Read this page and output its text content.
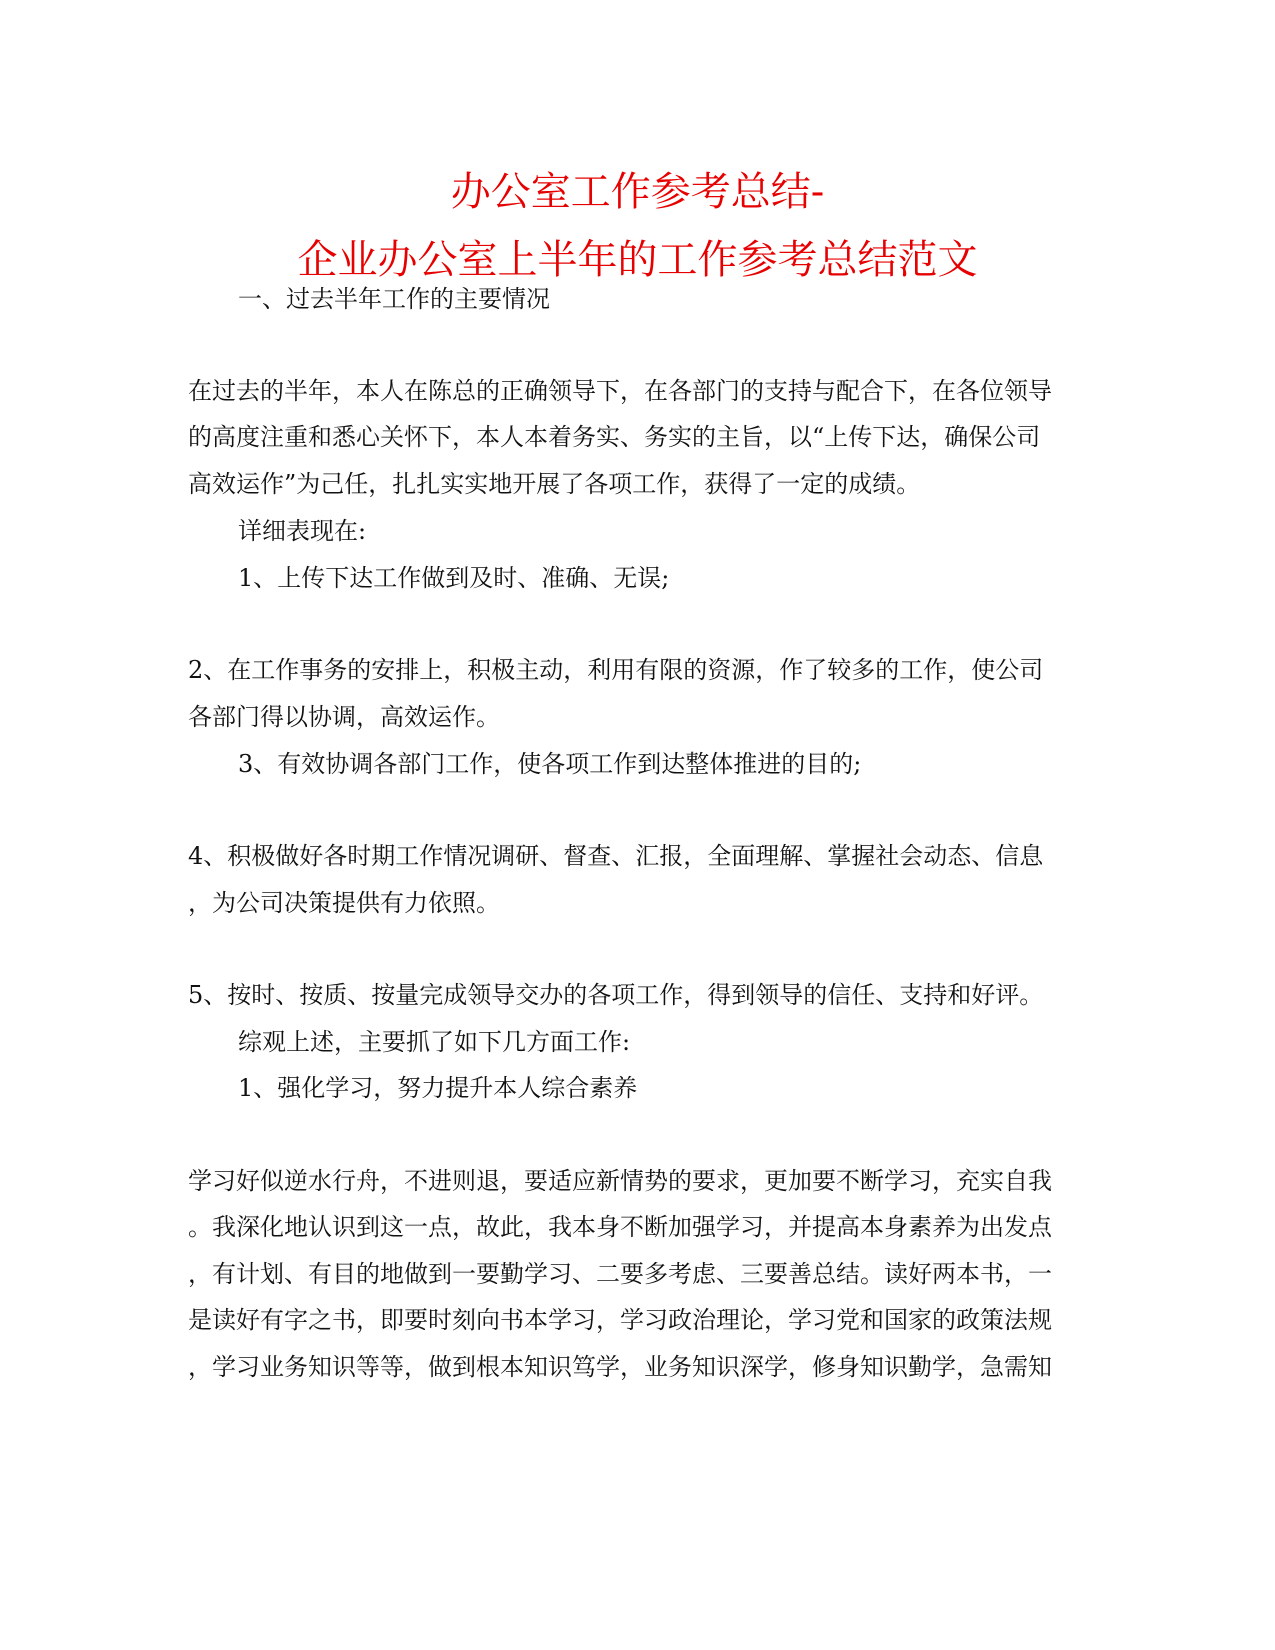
办公室工作参考总结-
企业办公室上半年的工作参考总结范文
一、过去半年工作的主要情况
在过去的半年，本人在陈总的正确领导下，在各部门的支持与配合下，在各位领导
的高度注重和悉心关怀下，本人本着务实、务实的主旨，以“上传下达，确保公司
高效运作”为己任，扎扎实实地开展了各项工作，获得了一定的成绩。
详细表现在:
1、上传下达工作做到及时、准确、无误;
2、在工作事务的安排上，积极主动，利用有限的资源，作了较多的工作，使公司
各部门得以协调，高效运作。
3、有效协调各部门工作，使各项工作到达整体推进的目的;
4、积极做好各时期工作情况调研、督查、汇报，全面理解、掌握社会动态、信息
，为公司决策提供有力依照。
5、按时、按质、按量完成领导交办的各项工作，得到领导的信任、支持和好评。
综观上述，主要抓了如下几方面工作:
1、强化学习，努力提升本人综合素养
学习好似逆水行舟，不进则退，要适应新情势的要求，更加要不断学习，充实自我
。我深化地认识到这一点，故此，我本身不断加强学习，并提高本身素养为出发点
，有计划、有目的地做到一要勤学习、二要多考虑、三要善总结。读好两本书，一
是读好有字之书，即要时刻向书本学习，学习政治理论，学习党和国家的政策法规
，学习业务知识等等，做到根本知识笃学，业务知识深学，修身知识勤学，急需知
